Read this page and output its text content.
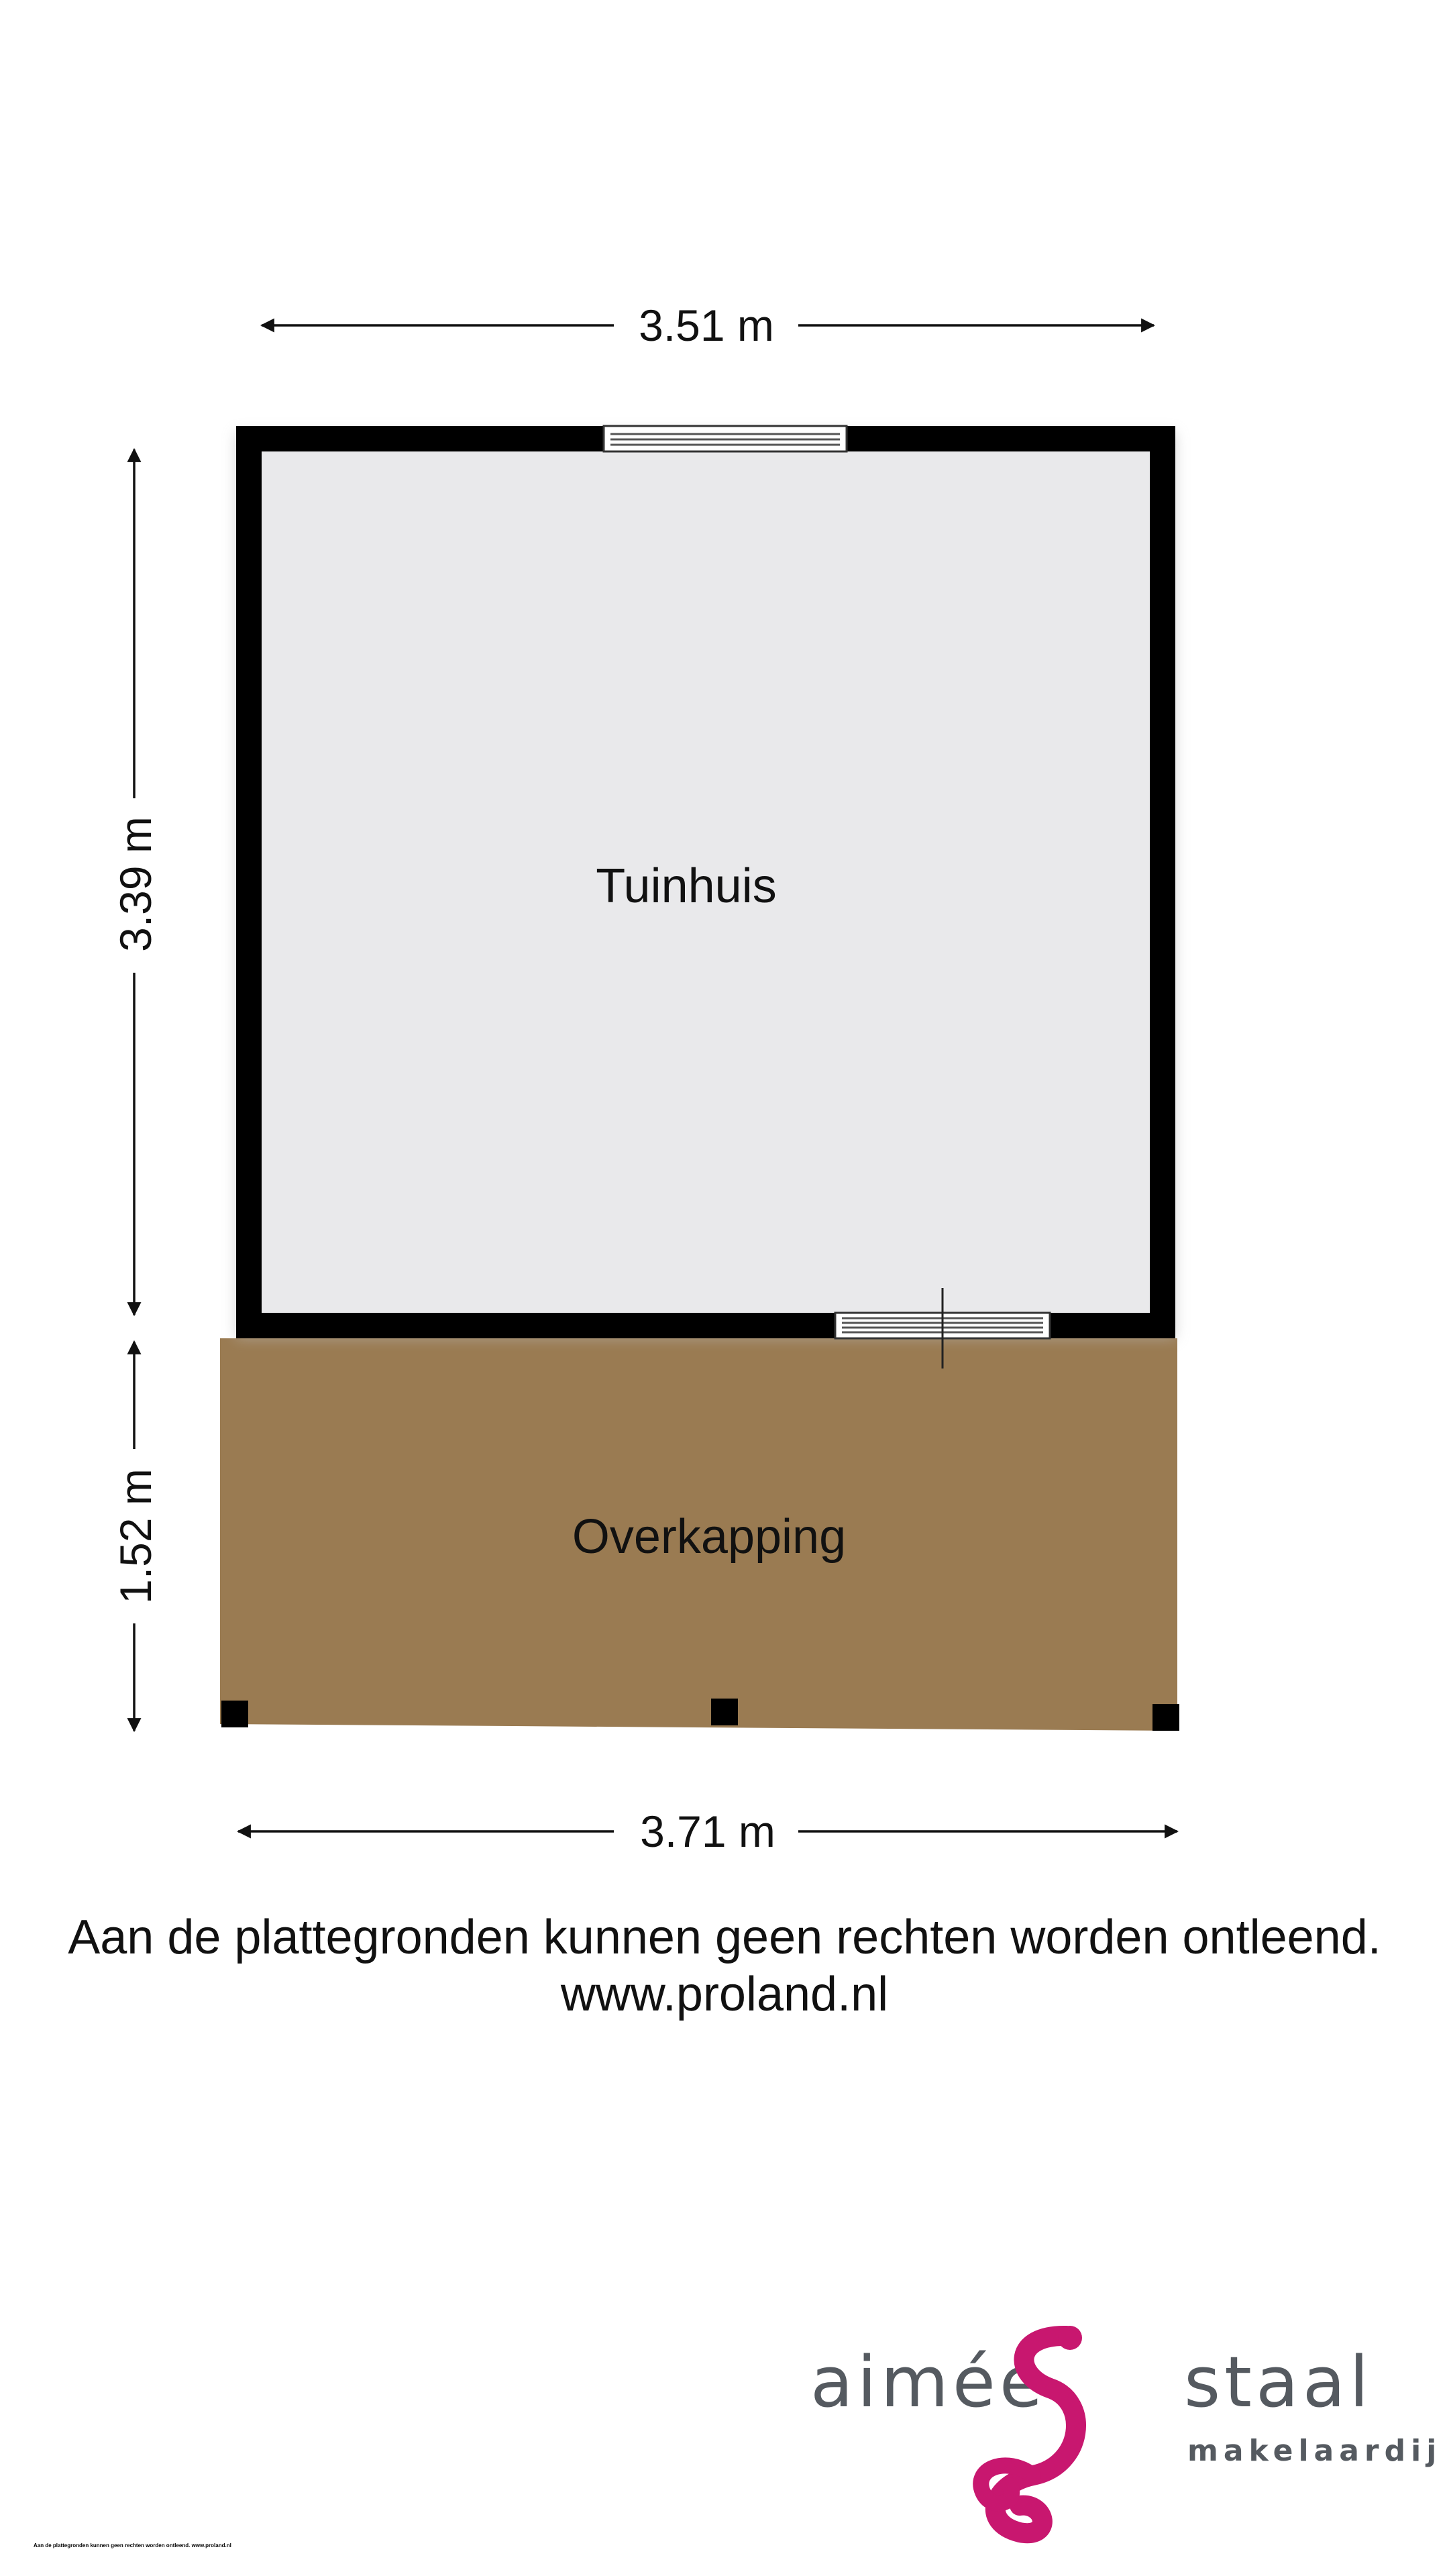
3.51 m
3.39 m
1.52 m
3.71 m
Tuinhuis
Overkapping
Aan de plattegronden kunnen geen rechten worden ontleend.
www.proland.nl
aimée staal
makelaardij
Aan de plattegronden kunnen geen rechten worden ontleend. www.proland.nl
